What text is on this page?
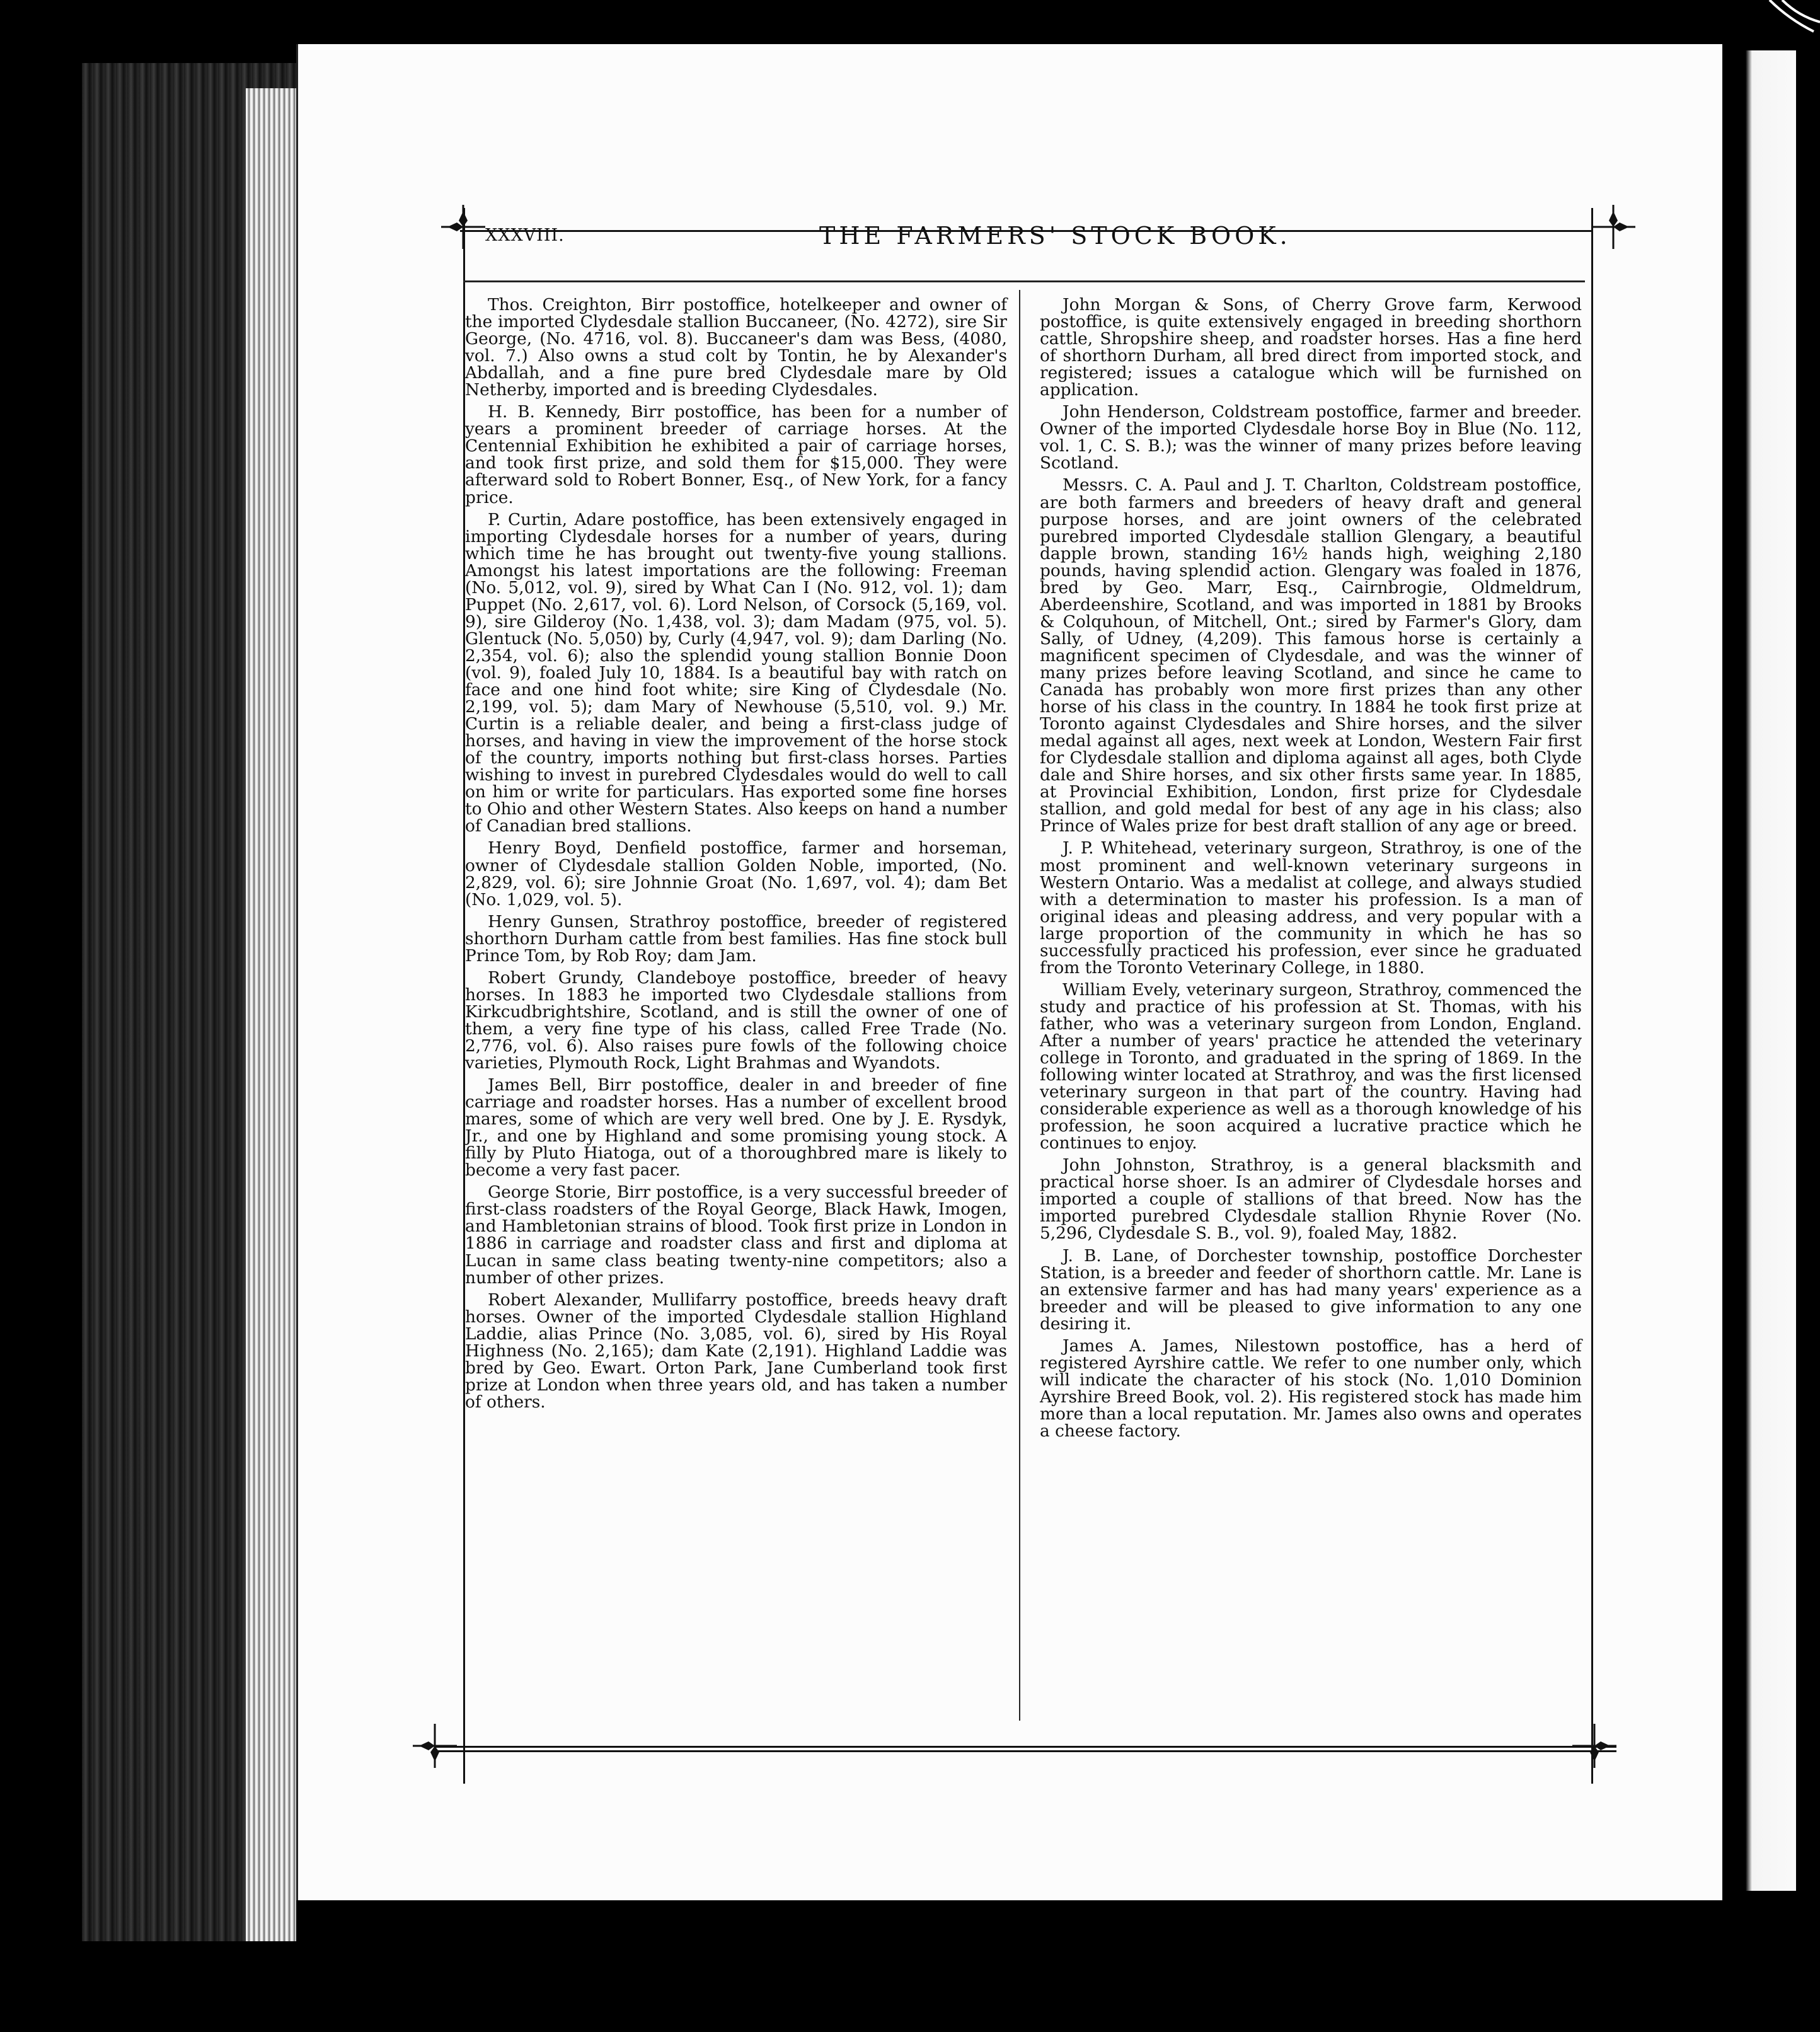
XXXVIII.	THE FARMERS' STOCK BOOK.

Thos. Creighton, Birr postoffice, hotelkeeper and owner of the imported Clydesdale stallion Buccaneer, (No. 4272), sire Sir George, (No. 4716, vol. 8). Buccaneer's dam was Bess, (4080, vol. 7.) Also owns a stud colt by Tontin, he by Alexander's Abdallah, and a fine pure bred Clydesdale mare by Old Netherby, imported and is breeding Clydesdales.

H. B. Kennedy, Birr postoffice, has been for a number of years a prominent breeder of carriage horses. At the Centennial Exhibition he exhibited a pair of carriage horses, and took first prize, and sold them for $15,000. They were afterward sold to Robert Bonner, Esq., of New York, for a fancy price.

P. Curtin, Adare postoffice, has been extensively engaged in importing Clydesdale horses for a number of years, during which time he has brought out twenty-five young stallions. Amongst his latest importations are the following: Freeman (No. 5,012, vol. 9), sired by What Can I (No. 912, vol. 1); dam Puppet (No. 2,617, vol. 6). Lord Nelson, of Corsock (5,169, vol. 9), sire Gilderoy (No. 1,438, vol. 3); dam Madam (975, vol. 5). Glentuck (No. 5,050) by, Curly (4,947, vol. 9); dam Darling (No. 2,354, vol. 6); also the splendid young stallion Bonnie Doon (vol. 9), foaled July 10, 1884. Is a beautiful bay with ratch on face and one hind foot white; sire King of Clydesdale (No. 2,199, vol. 5); dam Mary of Newhouse (5,510, vol. 9.) Mr. Curtin is a reliable dealer, and being a first-class judge of horses, and having in view the improvement of the horse stock of the country, imports nothing but first-class horses. Parties wishing to invest in purebred Clydesdales would do well to call on him or write for particulars. Has exported some fine horses to Ohio and other Western States. Also keeps on hand a number of Canadian bred stallions.

Henry Boyd, Denfield postoffice, farmer and horseman, owner of Clydesdale stallion Golden Noble, imported, (No. 2,829, vol. 6); sire Johnnie Groat (No. 1,697, vol. 4); dam Bet (No. 1,029, vol. 5).

Henry Gunsen, Strathroy postoffice, breeder of registered shorthorn Durham cattle from best families. Has fine stock bull Prince Tom, by Rob Roy; dam Jam.

Robert Grundy, Clandeboye postoffice, breeder of heavy horses. In 1883 he imported two Clydesdale stallions from Kirkcudbrightshire, Scotland, and is still the owner of one of them, a very fine type of his class, called Free Trade (No. 2,776, vol. 6). Also raises pure fowls of the following choice varieties, Plymouth Rock, Light Brahmas and Wyandots.

James Bell, Birr postoffice, dealer in and breeder of fine carriage and roadster horses. Has a number of excellent brood mares, some of which are very well bred. One by J. E. Rysdyk, Jr., and one by Highland and some promising young stock. A filly by Pluto Hiatoga, out of a thoroughbred mare is likely to become a very fast pacer.

George Storie, Birr postoffice, is a very successful breeder of first-class roadsters of the Royal George, Black Hawk, Imogen, and Hambletonian strains of blood. Took first prize in London in 1886 in carriage and roadster class and first and diploma at Lucan in same class beating twenty-nine competitors; also a number of other prizes.

Robert Alexander, Mullifarry postoffice, breeds heavy draft horses. Owner of the imported Clydesdale stallion Highland Laddie, alias Prince (No. 3,085, vol. 6), sired by His Royal Highness (No. 2,165); dam Kate (2,191). Highland Laddie was bred by Geo. Ewart. Orton Park, Jane Cumberland took first prize at London when three years old, and has taken a number of others.

John Morgan & Sons, of Cherry Grove farm, Kerwood postoffice, is quite extensively engaged in breeding shorthorn cattle, Shropshire sheep, and roadster horses. Has a fine herd of shorthorn Durham, all bred direct from imported stock, and registered; issues a catalogue which will be furnished on application.

John Henderson, Coldstream postoffice, farmer and breeder. Owner of the imported Clydesdale horse Boy in Blue (No. 112, vol. 1, C. S. B.); was the winner of many prizes before leaving Scotland.

Messrs. C. A. Paul and J. T. Charlton, Coldstream postoffice, are both farmers and breeders of heavy draft and general purpose horses, and are joint owners of the celebrated purebred imported Clydesdale stallion Glengary, a beautiful dapple brown, standing 16½ hands high, weighing 2,180 pounds, having splendid action. Glengary was foaled in 1876, bred by Geo. Marr, Esq., Cairnbrogie, Oldmeldrum, Aberdeenshire, Scotland, and was imported in 1881 by Brooks & Colquhoun, of Mitchell, Ont.; sired by Farmer's Glory, dam Sally, of Udney, (4,209). This famous horse is certainly a magnificent specimen of Clydesdale, and was the winner of many prizes before leaving Scotland, and since he came to Canada has probably won more first prizes than any other horse of his class in the country. In 1884 he took first prize at Toronto against Clydesdales and Shire horses, and the silver medal against all ages, next week at London, Western Fair first for Clydesdale stallion and diploma against all ages, both Clyde dale and Shire horses, and six other firsts same year. In 1885, at Provincial Exhibition, London, first prize for Clydesdale stallion, and gold medal for best of any age in his class; also Prince of Wales prize for best draft stallion of any age or breed.

J. P. Whitehead, veterinary surgeon, Strathroy, is one of the most prominent and well-known veterinary surgeons in Western Ontario. Was a medalist at college, and always studied with a determination to master his profession. Is a man of original ideas and pleasing address, and very popular with a large proportion of the community in which he has so successfully practiced his profession, ever since he graduated from the Toronto Veterinary College, in 1880.

William Evely, veterinary surgeon, Strathroy, commenced the study and practice of his profession at St. Thomas, with his father, who was a veterinary surgeon from London, England. After a number of years' practice he attended the veterinary college in Toronto, and graduated in the spring of 1869. In the following winter located at Strathroy, and was the first licensed veterinary surgeon in that part of the country. Having had considerable experience as well as a thorough knowledge of his profession, he soon acquired a lucrative practice which he continues to enjoy.

John Johnston, Strathroy, is a general blacksmith and practical horse shoer. Is an admirer of Clydesdale horses and imported a couple of stallions of that breed. Now has the imported purebred Clydesdale stallion Rhynie Rover (No. 5,296, Clydesdale S. B., vol. 9), foaled May, 1882.

J. B. Lane, of Dorchester township, postoffice Dorchester Station, is a breeder and feeder of shorthorn cattle. Mr. Lane is an extensive farmer and has had many years' experience as a breeder and will be pleased to give information to any one desiring it.

James A. James, Nilestown postoffice, has a herd of registered Ayrshire cattle. We refer to one number only, which will indicate the character of his stock (No. 1,010 Dominion Ayrshire Breed Book, vol. 2). His registered stock has made him more than a local reputation. Mr. James also owns and operates a cheese factory.
